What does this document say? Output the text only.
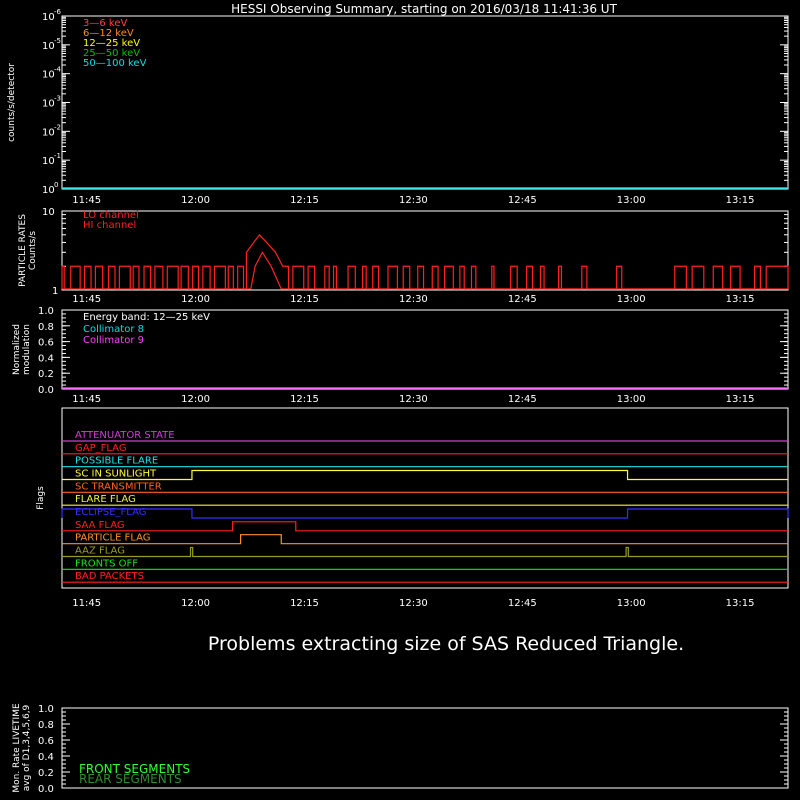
HESSI Observing Summary, starting on 2016/03/18 11:41:36 UT
Problems extracting size of SAS Reduced Triangle.
10 0
10 -1
10 -2
10 -3
10 -4
10 -5
10 -6
counts/s/detector
3—6 keV
6—12 keV
12—25 keV
25—50 keV
50—100 keV
11:45	12:00	12:15	12:30	12:45	13:00	13:15
1
10
PARTICLE RATESCounts/s
LO channel
HI channel
11:45	12:00	12:15	12:30	12:45	13:00	13:15
0.0
0.2
0.4
0.6
0.8
1.0
Normalizedmodulation
Energy band: 12—25 keV
Collimator 8
Collimator 9
11:45	12:00	12:15	12:30	12:45	13:00	13:15
Flags
ATTENUATOR STATE
GAP_FLAG
POSSIBLE FLARE
SC IN SUNLIGHT
SC TRANSMITTER
FLARE FLAG
ECLIPSE_FLAG
SAA FLAG
PARTICLE FLAG
AAZ FLAG
FRONTS OFF
BAD PACKETS
11:45	12:00	12:15	12:30	12:45	13:00	13:15
0.0
0.2
0.4
0.6
0.8
1.0
Mon. Rate LIVETIMEavg of D1,3,4,5,6,9	FRONT SEGMENTS
REAR SEGMENTS
